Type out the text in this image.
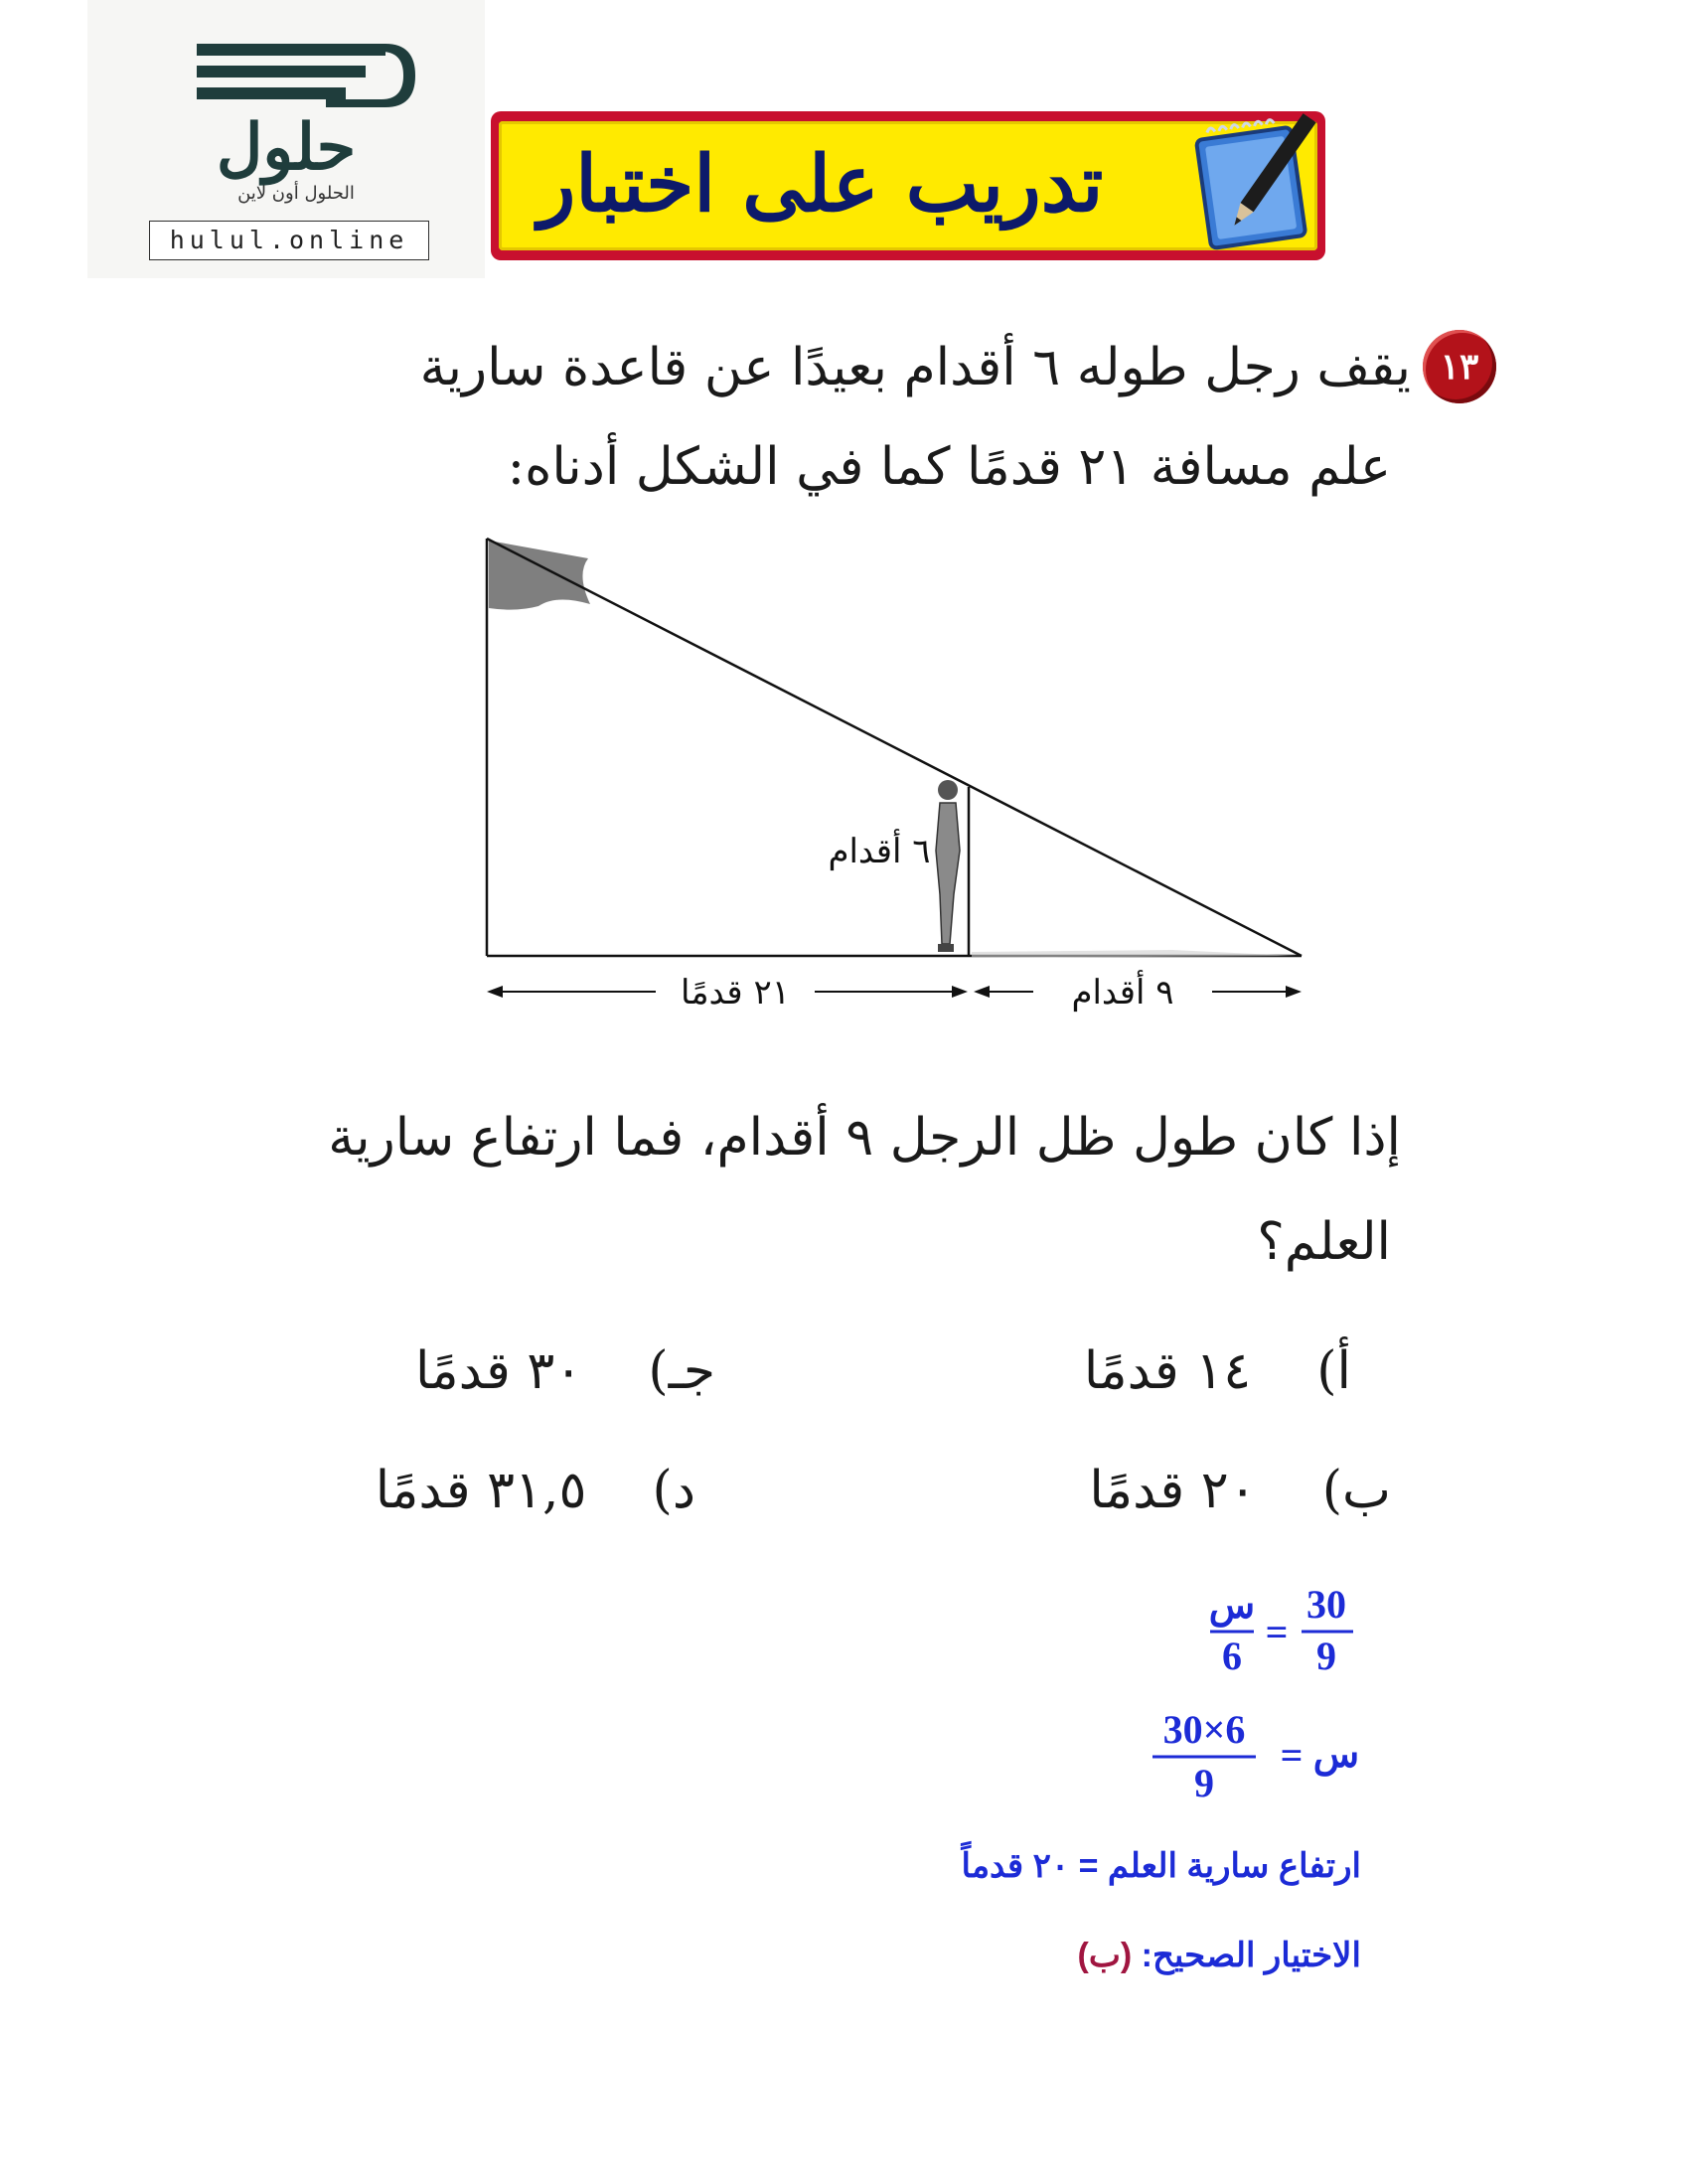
حلول
الحلول أون لاين
hulul.online
تدريب على اختبار
١٣
يقف رجل طوله ٦ أقدام بعيدًا عن قاعدة سارية
علم مسافة ٢١ قدمًا كما في الشكل أدناه:
٦ أقدام
٢١ قدمًا	٩ أقدام
إذا كان طول ظل الرجل ٩ أقدام، فما ارتفاع سارية
العلم؟
أ)    ١٤ قدمًا
جـ)    ٣٠ قدمًا
ب)    ٢٠ قدمًا
د)    ٣١,٥ قدمًا
30
9
=
س
6
س
=
30×6
9
ارتفاع سارية العلم = ٢٠ قدماً
الاختيار الصحيح: (ب)
